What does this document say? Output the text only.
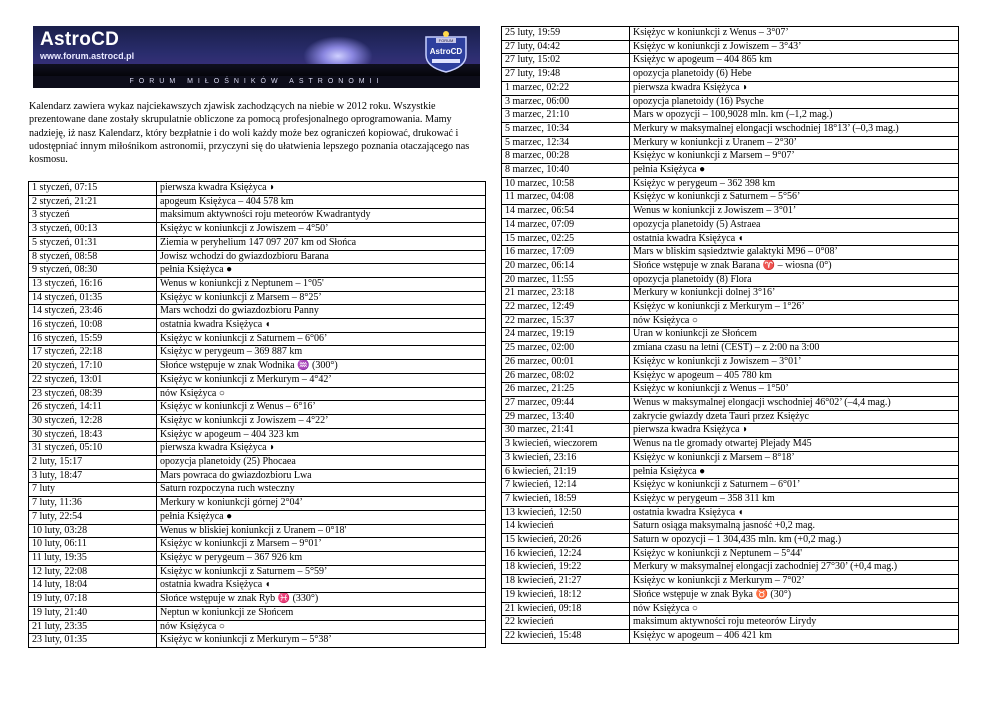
AstroCD
www.forum.astrocd.pl
FORUM MIŁOŚNIKÓW ASTRONOMII
FORUM
AstroCD
Kalendarz zawiera wykaz najciekawszych zjawisk zachodzących na niebie w 2012 roku. Wszystkie prezentowane dane zostały skrupulatnie obliczone za pomocą profesjonalnego oprogramowania. Mamy nadzieję, iż nasz Kalendarz, który bezpłatnie i do woli każdy może bez ograniczeń kopiować, drukować i udostępniać innym miłośnikom astronomii, przyczyni się do ułatwienia lepszego poznania otaczającego nas kosmosu.
1 styczeń, 07:15	pierwsza kwadra Księżyca ◗
2 styczeń, 21:21	apogeum Księżyca – 404 578 km
3 styczeń	maksimum aktywności roju meteorów Kwadrantydy
3 styczeń, 00:13	Księżyc w koniunkcji z Jowiszem – 4°50’
5 styczeń, 01:31	Ziemia w peryhelium 147 097 207 km od Słońca
8 styczeń, 08:58	Jowisz wchodzi do gwiazdozbioru Barana
9 styczeń, 08:30	pełnia Księżyca ●
13 styczeń, 16:16	Wenus w koniunkcji z Neptunem – 1°05'
14 styczeń, 01:35	Księżyc w koniunkcji z Marsem – 8°25’
14 styczeń, 23:46	Mars wchodzi do gwiazdozbioru Panny
16 styczeń, 10:08	ostatnia kwadra Księżyca ◖
16 styczeń, 15:59	Księżyc w koniunkcji z Saturnem – 6°06’
17 styczeń, 22:18	Księżyc w perygeum – 369 887 km
20 styczeń, 17:10	Słońce wstępuje w znak Wodnika ♒ (300°)
22 styczeń, 13:01	Księżyc w koniunkcji z Merkurym – 4°42’
23 styczeń, 08:39	nów Księżyca ○
26 styczeń, 14:11	Księżyc w koniunkcji z Wenus – 6°16’
30 styczeń, 12:28	Księżyc w koniunkcji z Jowiszem – 4°22’
30 styczeń, 18:43	Księżyc w apogeum – 404 323 km
31 styczeń, 05:10	pierwsza kwadra Księżyca ◗
2 luty, 15:17	opozycja planetoidy (25) Phocaea
3 luty, 18:47	Mars powraca do gwiazdozbioru Lwa
7 luty	Saturn rozpoczyna ruch wsteczny
7 luty, 11:36	Merkury w koniunkcji górnej 2°04’
7 luty, 22:54	pełnia Księżyca ●
10 luty, 03:28	Wenus w bliskiej koniunkcji z Uranem – 0°18'
10 luty, 06:11	Księżyc w koniunkcji z Marsem – 9°01’
11 luty, 19:35	Księżyc w perygeum – 367 926 km
12 luty, 22:08	Księżyc w koniunkcji z Saturnem – 5°59’
14 luty, 18:04	ostatnia kwadra Księżyca ◖
19 luty, 07:18	Słońce wstępuje w znak Ryb ♓ (330°)
19 luty, 21:40	Neptun w koniunkcji ze Słońcem
21 luty, 23:35	nów Księżyca ○
23 luty, 01:35	Księżyc w koniunkcji z Merkurym – 5°38’
25 luty, 19:59	Księżyc w koniunkcji z Wenus – 3°07’
27 luty, 04:42	Księżyc w koniunkcji z Jowiszem – 3°43’
27 luty, 15:02	Księżyc w apogeum – 404 865 km
27 luty, 19:48	opozycja planetoidy (6) Hebe
1 marzec, 02:22	pierwsza kwadra Księżyca ◗
3 marzec, 06:00	opozycja planetoidy (16) Psyche
3 marzec, 21:10	Mars w opozycji – 100,9028 mln. km (–1,2 mag.)
5 marzec, 10:34	Merkury w maksymalnej elongacji wschodniej 18°13’ (–0,3 mag.)
5 marzec, 12:34	Merkury w koniunkcji z Uranem – 2°30’
8 marzec, 00:28	Księżyc w koniunkcji z Marsem – 9°07’
8 marzec, 10:40	pełnia Księżyca ●
10 marzec, 10:58	Księżyc w perygeum – 362 398 km
11 marzec, 04:08	Księżyc w koniunkcji z Saturnem – 5°56’
14 marzec, 06:54	Wenus w koniunkcji z Jowiszem – 3°01’
14 marzec, 07:09	opozycja planetoidy (5) Astraea
15 marzec, 02:25	ostatnia kwadra Księżyca ◖
16 marzec, 17:09	Mars w bliskim sąsiedztwie galaktyki M96 – 0°08’
20 marzec, 06:14	Słońce wstępuje w znak Barana ♈ – wiosna (0°)
20 marzec, 11:55	opozycja planetoidy (8) Flora
21 marzec, 23:18	Merkury w koniunkcji dolnej 3°16’
22 marzec, 12:49	Księżyc w koniunkcji z Merkurym – 1°26’
22 marzec, 15:37	nów Księżyca ○
24 marzec, 19:19	Uran w koniunkcji ze Słońcem
25 marzec, 02:00	zmiana czasu na letni (CEST) – z 2:00 na 3:00
26 marzec, 00:01	Księżyc w koniunkcji z Jowiszem – 3°01’
26 marzec, 08:02	Księżyc w apogeum – 405 780 km
26 marzec, 21:25	Księżyc w koniunkcji z Wenus – 1°50’
27 marzec, 09:44	Wenus w maksymalnej elongacji wschodniej 46°02’ (–4,4 mag.)
29 marzec, 13:40	zakrycie gwiazdy dzeta Tauri przez Księżyc
30 marzec, 21:41	pierwsza kwadra Księżyca ◗
3 kwiecień, wieczorem	Wenus na tle gromady otwartej Plejady M45
3 kwiecień, 23:16	Księżyc w koniunkcji z Marsem – 8°18’
6 kwiecień, 21:19	pełnia Księżyca ●
7 kwiecień, 12:14	Księżyc w koniunkcji z Saturnem – 6°01’
7 kwiecień, 18:59	Księżyc w perygeum – 358 311 km
13 kwiecień, 12:50	ostatnia kwadra Księżyca ◖
14 kwiecień	Saturn osiąga maksymalną jasność +0,2 mag.
15 kwiecień, 20:26	Saturn w opozycji – 1 304,435 mln. km (+0,2 mag.)
16 kwiecień, 12:24	Księżyc w koniunkcji z Neptunem – 5°44'
18 kwiecień, 19:22	Merkury w maksymalnej elongacji zachodniej 27°30’ (+0,4 mag.)
18 kwiecień, 21:27	Księżyc w koniunkcji z Merkurym – 7°02’
19 kwiecień, 18:12	Słońce wstępuje w znak Byka ♉ (30°)
21 kwiecień, 09:18	nów Księżyca ○
22 kwiecień	maksimum aktywności roju meteorów Lirydy
22 kwiecień, 15:48	Księżyc w apogeum – 406 421 km
